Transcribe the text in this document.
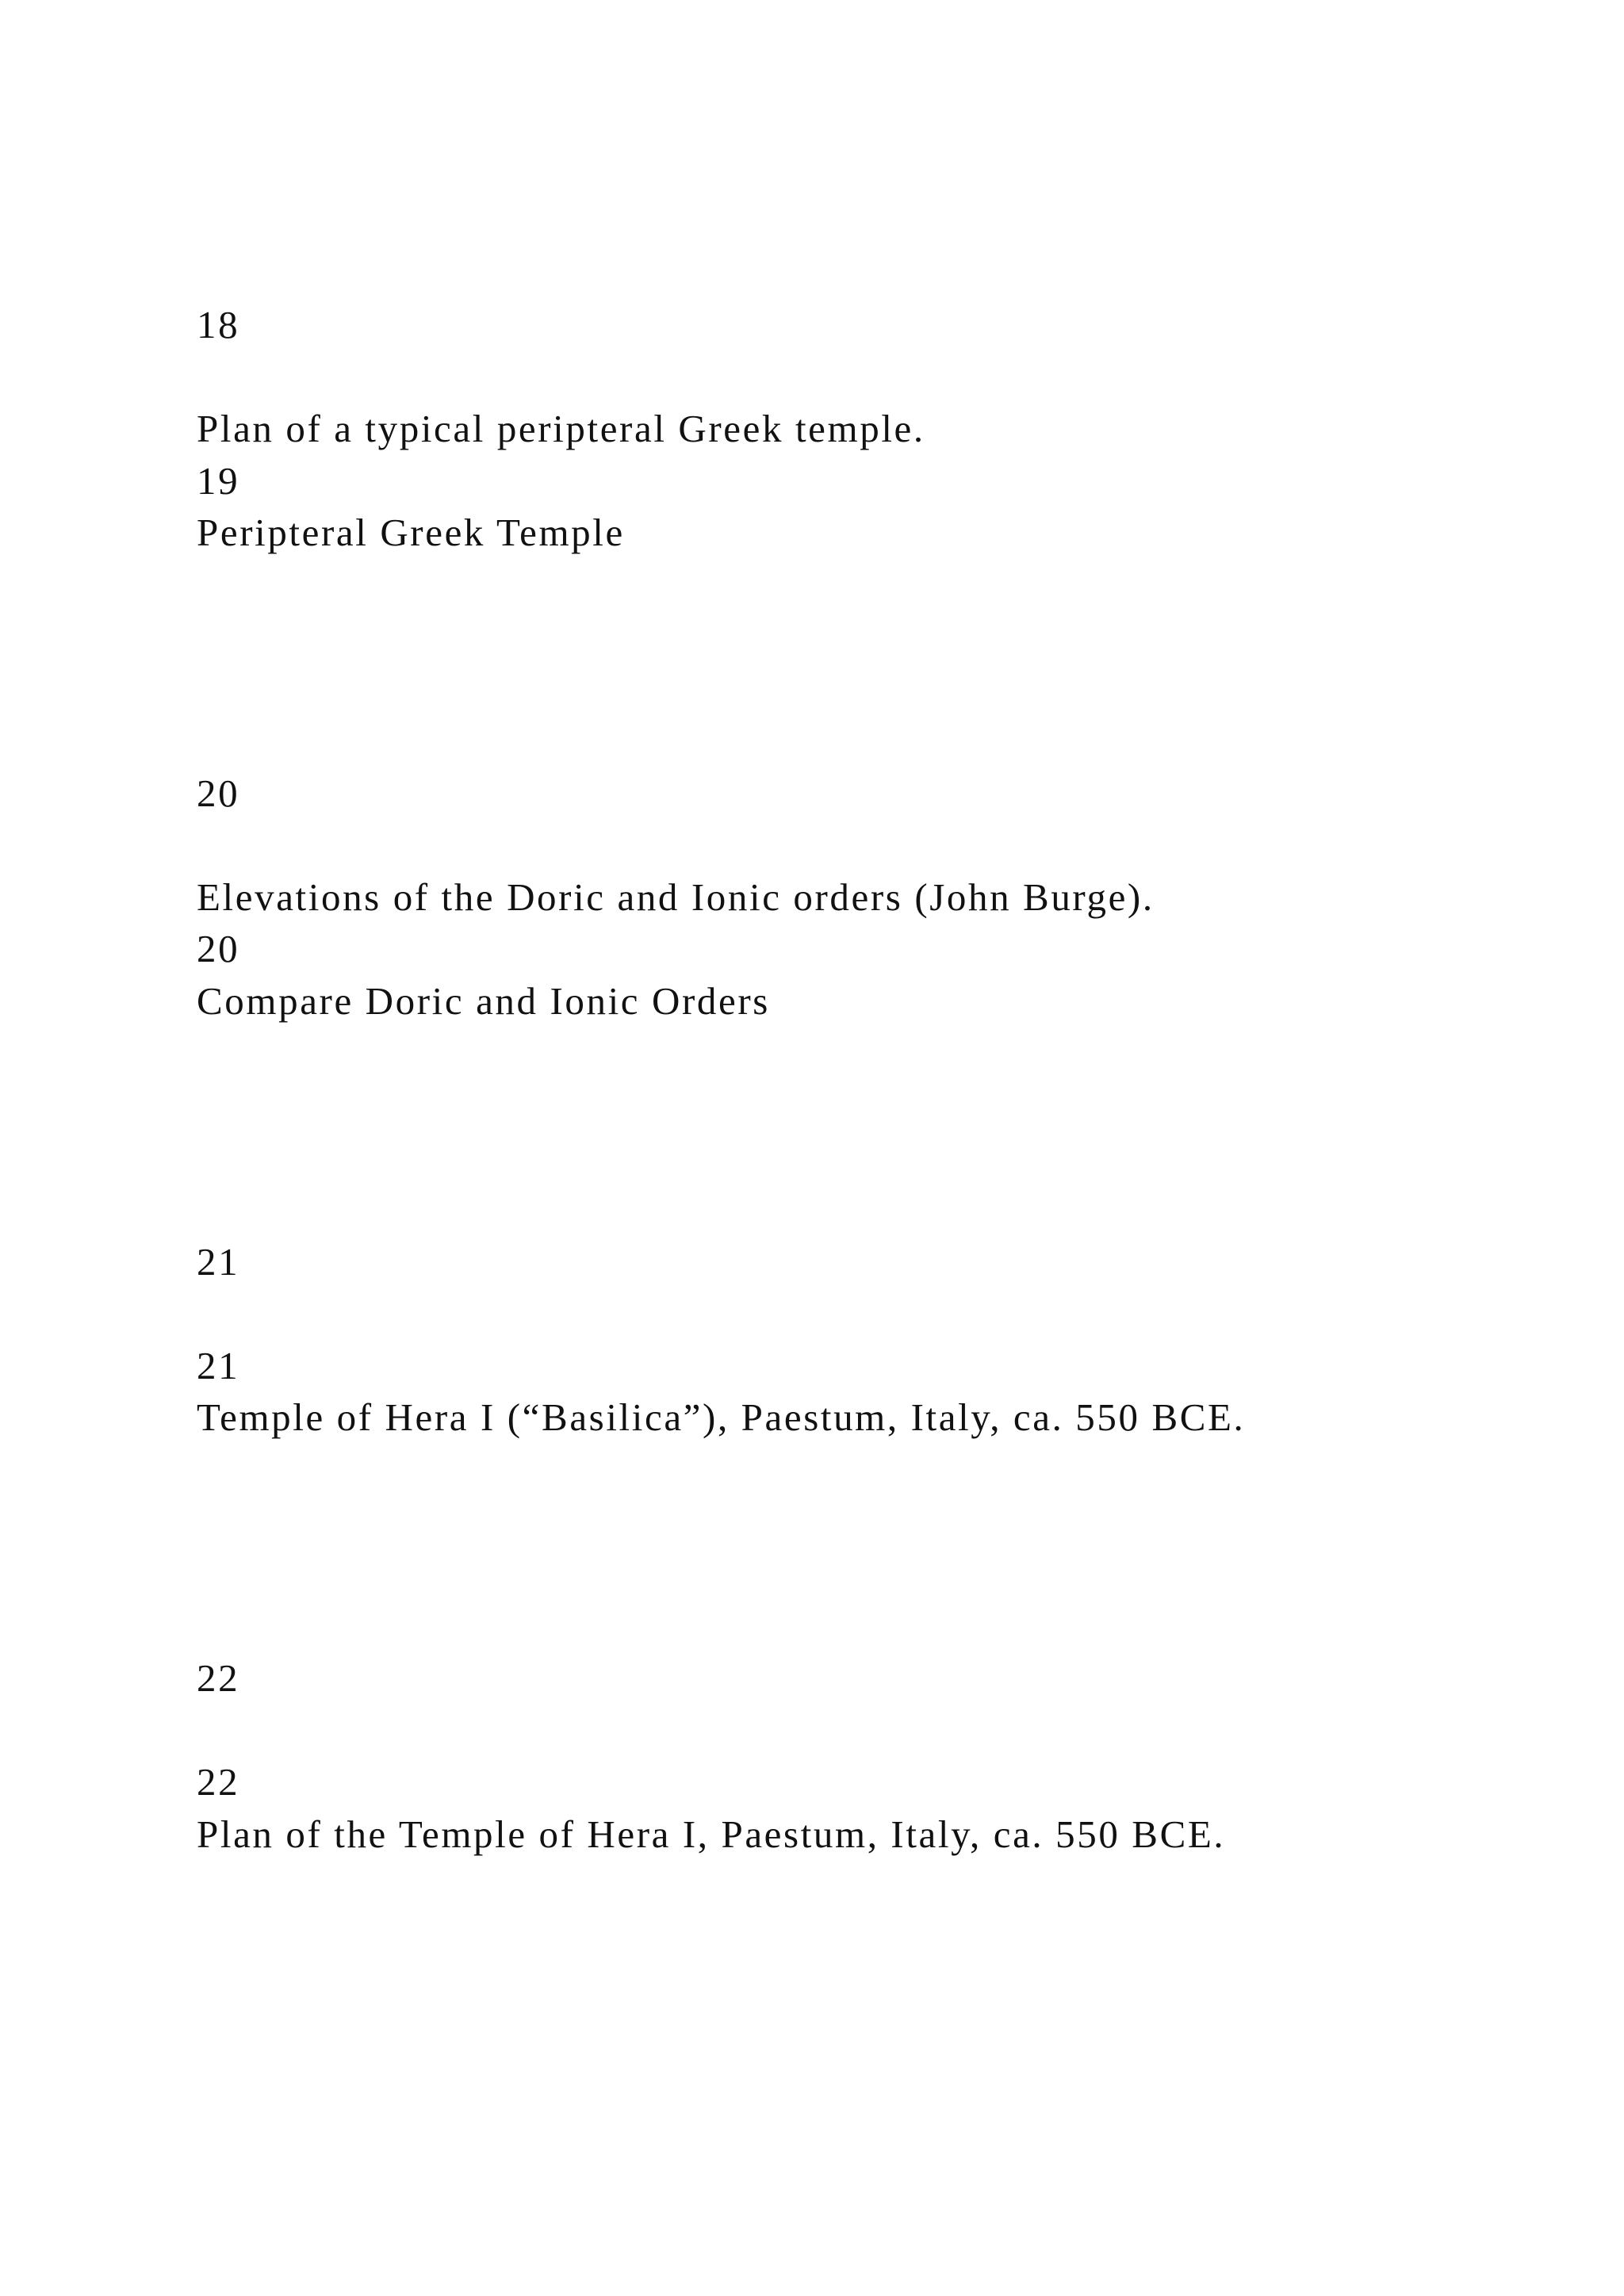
18

Plan of a typical peripteral Greek temple.

19

Peripteral Greek Temple

20

Elevations of the Doric and Ionic orders (John Burge).

20

Compare Doric and Ionic Orders

21

21

Temple of Hera I (“Basilica”), Paestum, Italy, ca. 550 BCE.

22

22

Plan of the Temple of Hera I, Paestum, Italy, ca. 550 BCE.
